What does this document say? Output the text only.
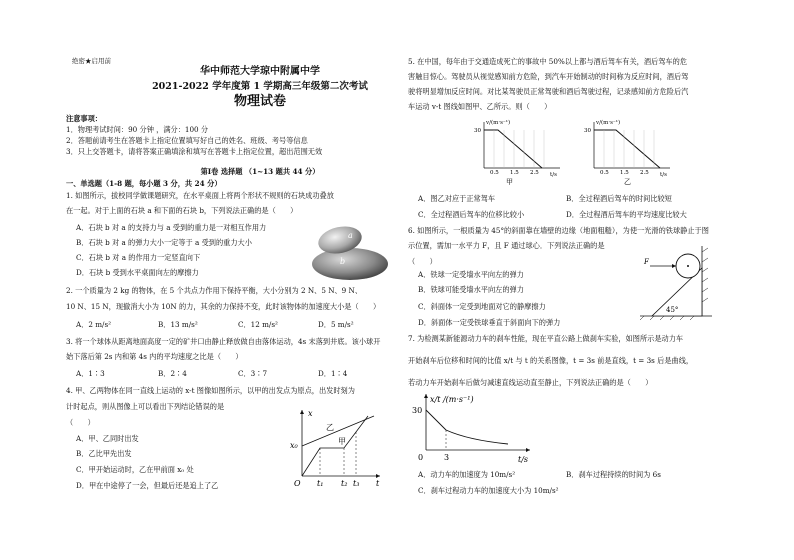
绝密★启用前
华中师范大学琼中附属中学
2021-2022 学年度第 1 学期高三年级第二次考试
物理试卷
注意事项：
1．物理考试时间：90 分钟 ，满分：100 分
2．答题前请考生在答题卡上指定位置填写好自己的姓名、班级、考号等信息
3．只上交答题卡，请将答案正确填涂和填写在答题卡上指定位置，超出范围无效
第Ⅰ卷 选择题 （1~13 题共 44 分）
一、单选题（1-8 题，每小题 3 分，共 24 分）
1. 如图所示，拔校同学做课题研究，在水平桌面上将两个形状不规则的石块成功叠放
在一起。对于上面的石块 a 和下面的石块 b，下列说法正确的是（　　）
A．石块 b 对 a 的支持力与 a 受到的重力是一对相互作用力
B．石块 b 对 a 的弹力大小一定等于 a 受到的重力大小
C．石块 b 对 a 的作用力一定竖直向下
D．石块 b 受到水平桌面向左的摩擦力
a
b
2. 一个质量为 2 kg 的物体，在 5 个共点力作用下保持平衡，大小分别为 2 N、5 N、9 N、
10 N、15 N，现撤消大小为 10N 的力，其余的力保持不变，此时该物体的加速度大小是（　　）
A．2 m/s²	B．13 m/s²	C．12 m/s²	D．5 m/s²
3. 将一个球体从距离地面高度一定的矿井口由静止释放做自由落体运动，4s 末落到井底。该小球开
始下落后第 2s 内和第 4s 内的平均速度之比是（　　）
A．1∶3	B．2∶4	C．3∶7	D．1∶4
4. 甲、乙两物体在同一直线上运动的 x-t 图像如图所示，以甲的出发点为原点，出发时刻为
计时起点，则从图像上可以看出下列结论错误的是
（　　）
A．甲、乙同时出发
B．乙比甲先出发
C．甲开始运动时，乙在甲前面 x₀ 处
D．甲在中途停了一会，但最后还是追上了乙
x
t
O
x₀
乙
甲
t₁ t₂ t₃
5. 在中国，每年由于交通造成死亡的事故中 50%以上都与酒后驾车有关，酒后驾车的危
害触目惊心。驾驶员从视觉感知前方危险，到汽车开始制动的时间称为反应时间，酒后驾
驶将明显增加反应时间。对比某驾驶员正常驾驶和酒后驾驶过程，记录感知前方危险后汽
车运动 v-t 图线如图甲、乙所示。则（　　）
v/(m·s⁻¹)
30
t/s
0.5 1.5 2.5
甲
v/(m·s⁻¹)
30
t/s
0.5 1.5 2.5
乙
A．图乙对应于正常驾车	B．全过程酒后驾车的时间比较短
C．全过程酒后驾车的位移比较小	D．全过程酒后驾车的平均速度比较大
6. 如图所示，一根质量为 45°的斜面靠在墙壁的边缘（地面粗糙），为使一光滑的铁球静止于图
示位置，需加一水平力 F，且 F 通过球心．下列说法正确的是
（　　）
A．铁球一定受墙水平向左的弹力
B．铁球可能受墙水平向左的弹力
C．斜面体一定受到地面对它的静摩擦力
D．斜面体一定受铁球垂直于斜面向下的弹力
F
45°
7. 为检测某新能源动力车的刹车性能，现在平直公路上做刹车实验，如图所示是动力车
开始刹车后位移和时间的比值 x/t 与 t 的关系图像，t = 3s 前是直线，t = 3s 后是曲线，
若动力车开始刹车后做匀减速直线运动直至静止，下列说法正确的是（　　）
x/t /(m·s⁻¹)
30
0	3	t/s
A．动力车的加速度为 10m/s²	B．刹车过程持续的时间为 6s
C．刹车过程动力车的加速度大小为 10m/s²
